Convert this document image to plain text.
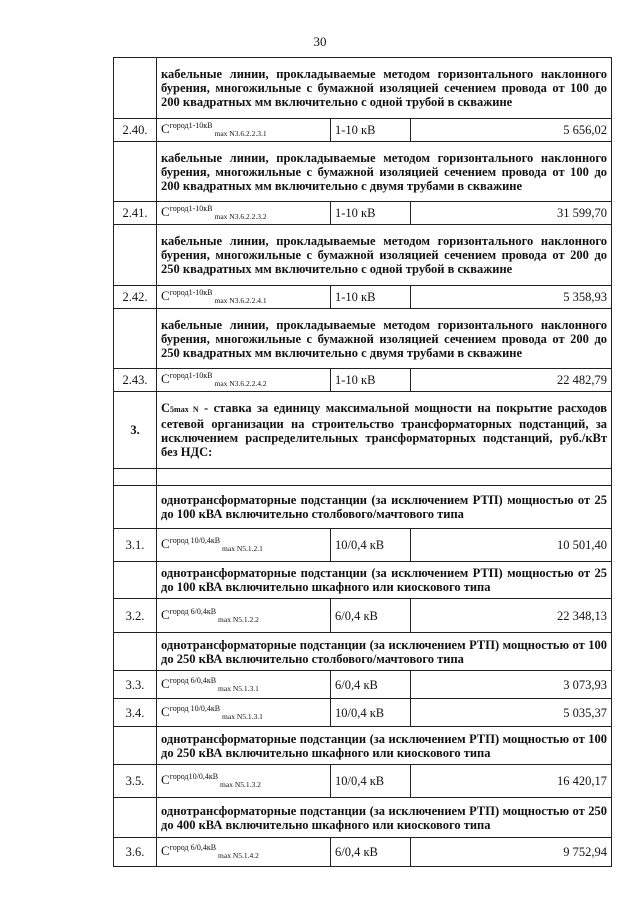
30
	кабельные линии, прокладываемые методом горизонтального наклонного бурения, многожильные с бумажной изоляцией сечением провода от 100 до 200 квадратных мм включительно с одной трубой в скважине		
2.40.	$С^{город1-10кВ}_{max N3.6.2.2.3.1}$	1-10 кВ	5 656,02
	кабельные линии, прокладываемые методом горизонтального наклонного бурения, многожильные с бумажной изоляцией сечением провода от 100 до 200 квадратных мм включительно с двумя трубами в скважине		
2.41.	$С^{город1-10кВ}_{max N3.6.2.2.3.2}$	1-10 кВ	31 599,70
	кабельные линии, прокладываемые методом горизонтального наклонного бурения, многожильные с бумажной изоляцией сечением провода от 200 до 250 квадратных мм включительно с одной трубой в скважине		
2.42.	$С^{город1-10кВ}_{max N3.6.2.2.4.1}$	1-10 кВ	5 358,93
	кабельные линии, прокладываемые методом горизонтального наклонного бурения, многожильные с бумажной изоляцией сечением провода от 200 до 250 квадратных мм включительно с двумя трубами в скважине		
2.43.	$С^{город1-10кВ}_{max N3.6.2.2.4.2}$	1-10 кВ	22 482,79
3.	C5max N - ставка за единицу максимальной мощности на покрытие расходов сетевой организации на строительство трансформаторных подстанций, за исключением распределительных трансформаторных подстанций, руб./кВт без НДС:		

	однотрансформаторные подстанции (за исключением РТП) мощностью от 25 до 100 кВА включительно столбового/мачтового типа		
3.1.	$С^{город 10/0,4кВ}_{max N5.1.2.1}$	10/0,4 кВ	10 501,40
	однотрансформаторные подстанции (за исключением РТП) мощностью от 25 до 100 кВА включительно шкафного или киоскового типа		
3.2.	$С^{город 6/0,4кВ}_{max N5.1.2.2}$	6/0,4 кВ	22 348,13
	однотрансформаторные подстанции (за исключением РТП) мощностью от 100 до 250 кВА включительно столбового/мачтового типа		
3.3.	$С^{город 6/0,4кВ}_{max N5.1.3.1}$	6/0,4 кВ	3 073,93
3.4.	$С^{город 10/0,4кВ}_{max N5.1.3.1}$	10/0,4 кВ	5 035,37
	однотрансформаторные подстанции (за исключением РТП) мощностью от 100 до 250 кВА включительно шкафного или киоскового типа		
3.5.	$С^{город10/0,4кВ}_{max N5.1.3.2}$	10/0,4 кВ	16 420,17
	однотрансформаторные подстанции (за исключением РТП) мощностью от 250 до 400 кВА включительно шкафного или киоскового типа		
3.6.	$С^{город 6/0,4кВ}_{max N5.1.4.2}$	6/0,4 кВ	9 752,94
